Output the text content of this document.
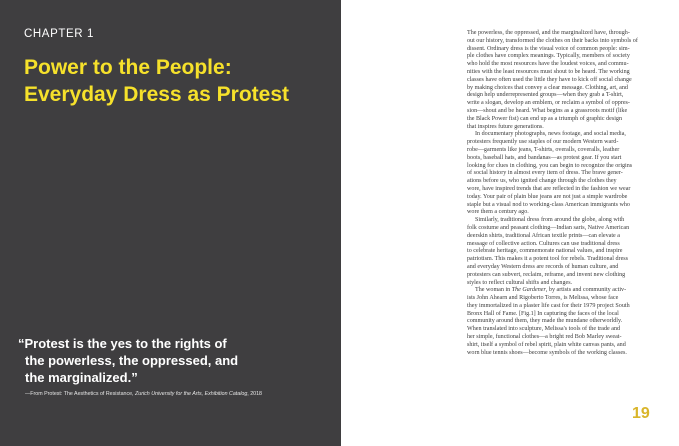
CHAPTER 1
Power to the People: Everyday Dress as Protest

“Protest is the yes to the rights of
the powerless, the oppressed, and
the marginalized.”

—From Protest: The Aesthetics of Resistance, Zurich University for the Arts, Exhibition Catalog, 2018
The powerless, the oppressed, and the marginalized have, through-
out our history, transformed the clothes on their backs into symbols of
dissent. Ordinary dress is the visual voice of common people: sim-
ple clothes have complex meanings. Typically, members of society
who hold the most resources have the loudest voices, and commu-
nities with the least resources must shout to be heard. The working
classes have often used the little they have to kick off social change
by making choices that convey a clear message. Clothing, art, and
design help underrepresented groups—when they grab a T-shirt,
write a slogan, develop an emblem, or reclaim a symbol of oppres-
sion—shout and be heard. What begins as a grassroots motif (like
the Black Power fist) can end up as a triumph of graphic design
that inspires future generations.
In documentary photographs, news footage, and social media,
protesters frequently use staples of our modern Western ward-
robe—garments like jeans, T-shirts, overalls, coveralls, leather
boots, baseball hats, and bandanas—as protest gear. If you start
looking for clues in clothing, you can begin to recognize the origins
of social history in almost every item of dress. The brave gener-
ations before us, who ignited change through the clothes they
wore, have inspired trends that are reflected in the fashion we wear
today. Your pair of plain blue jeans are not just a simple wardrobe
staple but a visual nod to working-class American immigrants who
wore them a century ago.
Similarly, traditional dress from around the globe, along with
folk costume and peasant clothing—Indian saris, Native American
deerskin shirts, traditional African textile prints—can elevate a
message of collective action. Cultures can use traditional dress
to celebrate heritage, commemorate national values, and inspire
patriotism. This makes it a potent tool for rebels. Traditional dress
and everyday Western dress are records of human culture, and
protesters can subvert, reclaim, reframe, and invent new clothing
styles to reflect cultural shifts and changes.
The woman in The Gardener, by artists and community activ-
ists John Ahearn and Rigoberto Torres, is Melissa, whose face
they immortalized in a plaster life cast for their 1979 project South
Bronx Hall of Fame. [Fig.1] In capturing the faces of the local
community around them, they made the mundane otherworldly.
When translated into sculpture, Melissa's tools of the trade and
her simple, functional clothes—a bright red Bob Marley sweat-
shirt, itself a symbol of rebel spirit, plain white canvas pants, and
worn blue tennis shoes—become symbols of the working classes.
19
